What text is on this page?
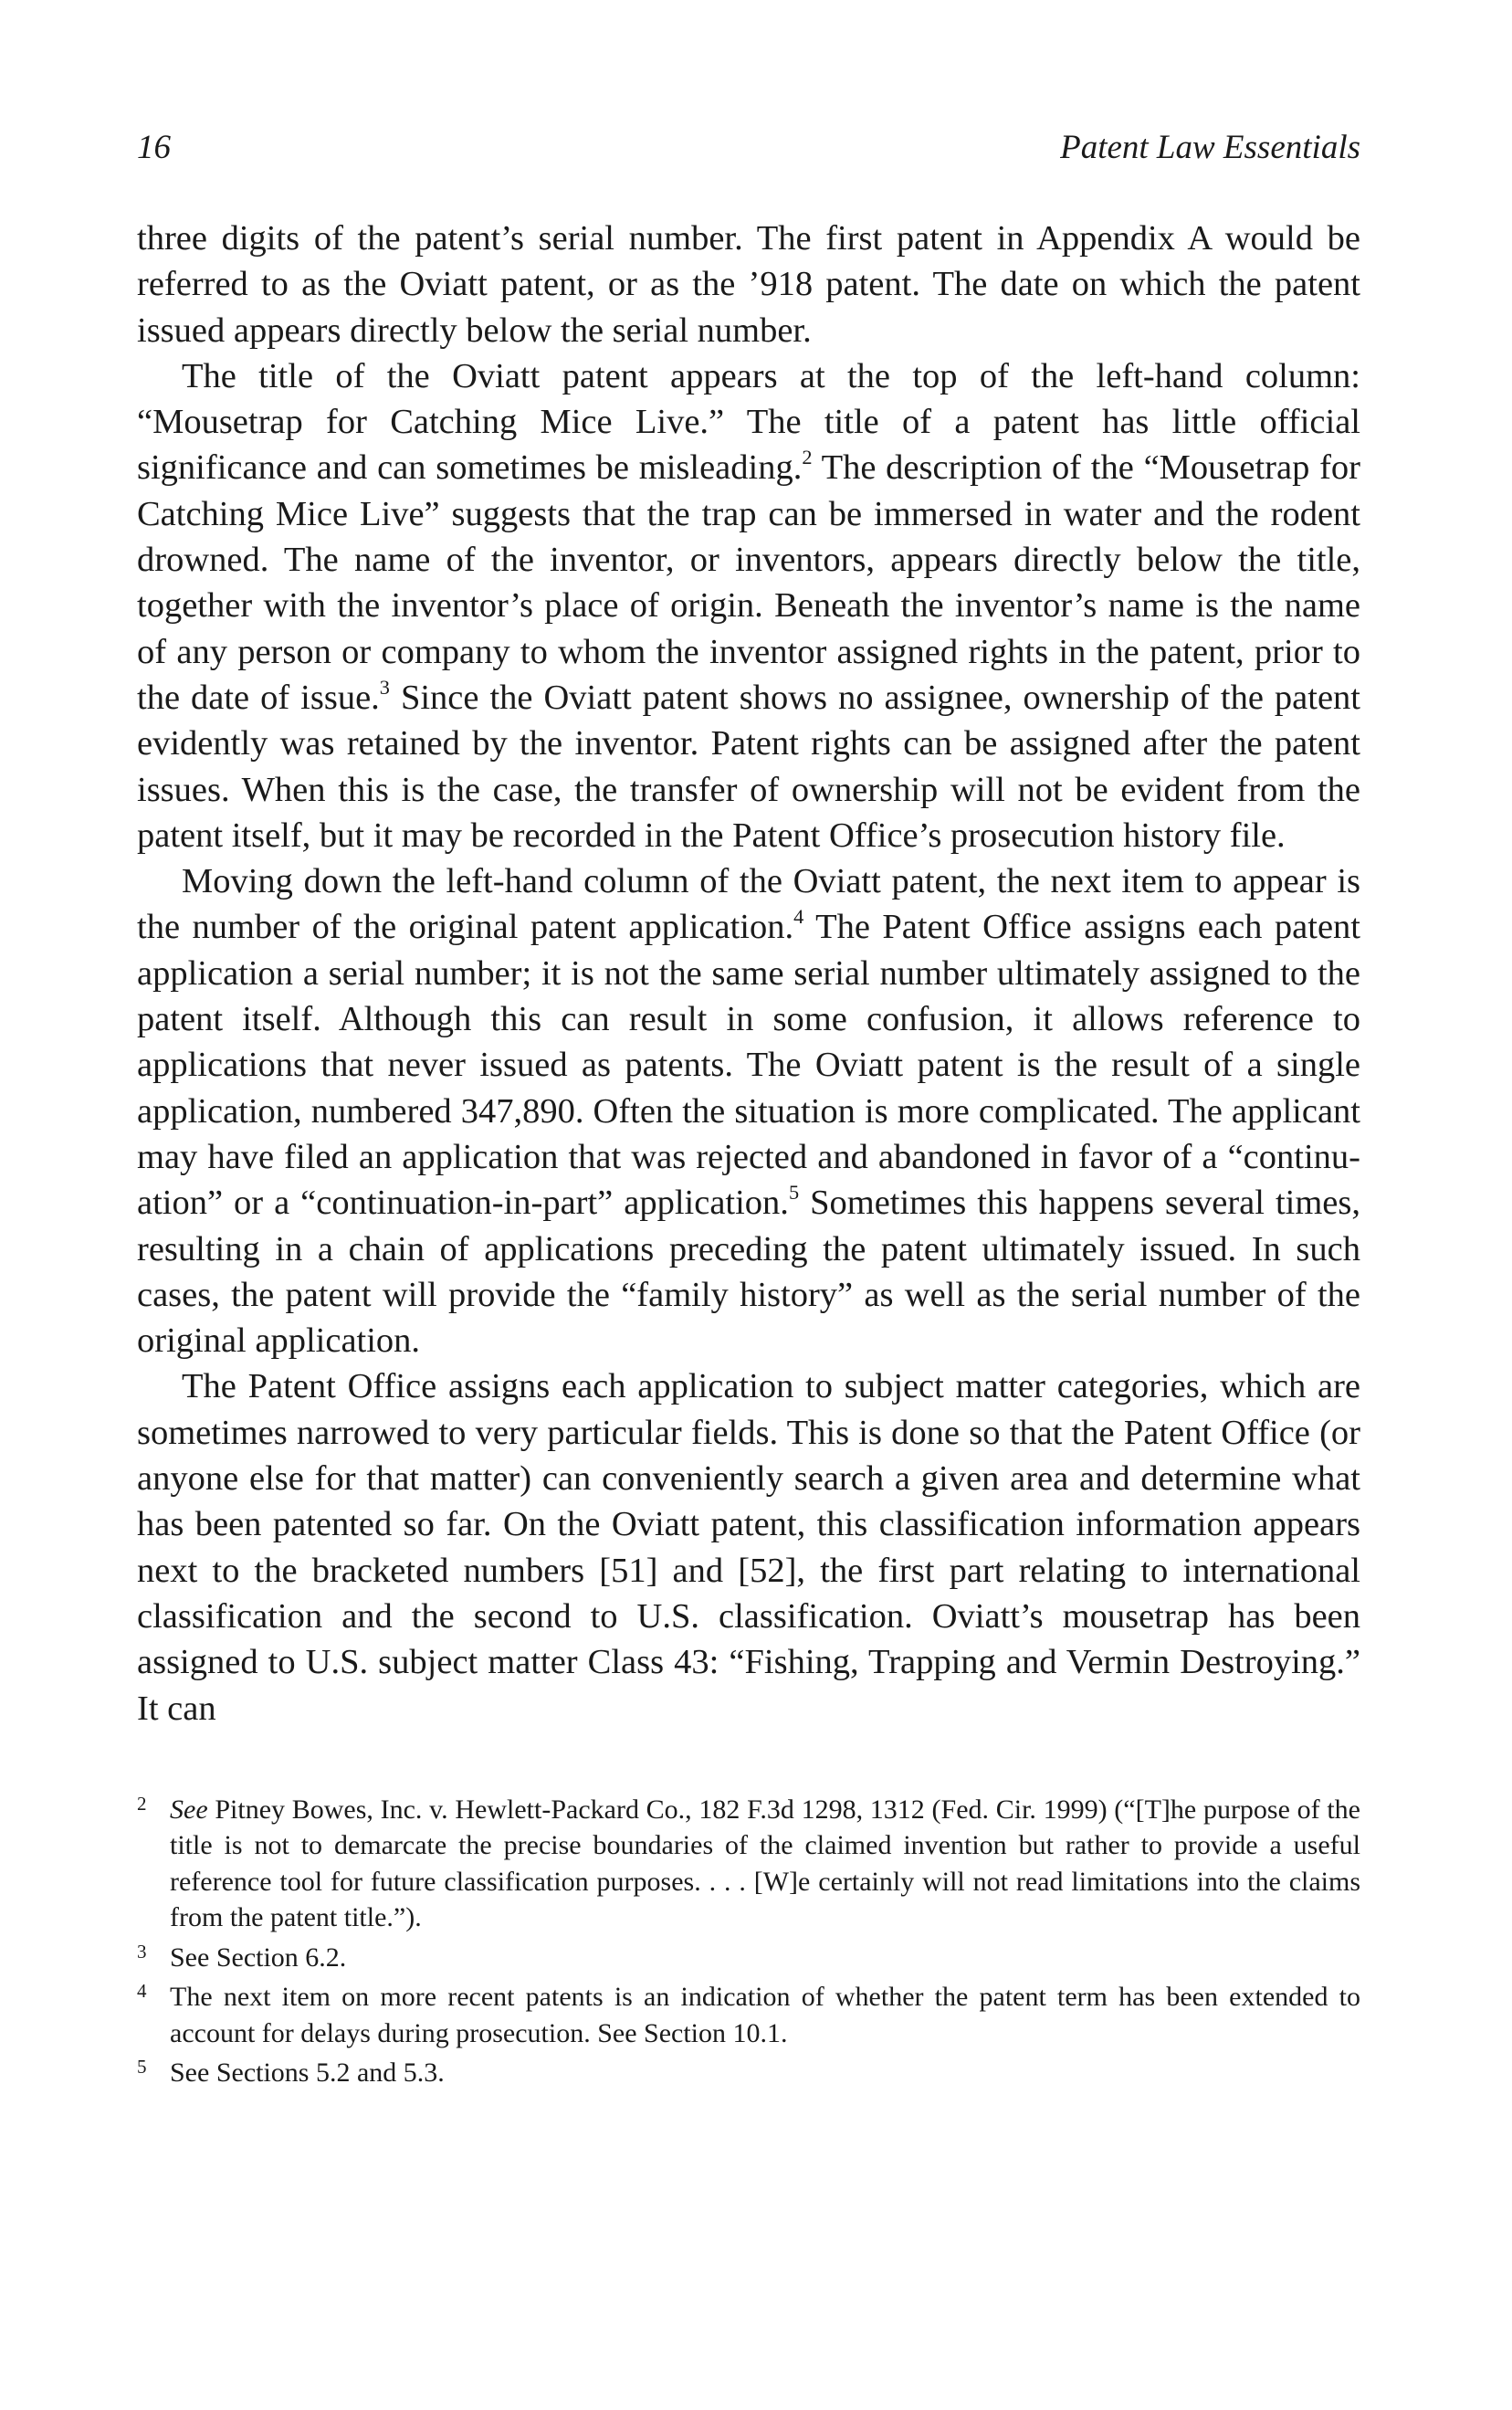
16	Patent Law Essentials

three digits of the patent’s serial number. The first patent in Appendix A would be referred to as the Oviatt patent, or as the ’918 patent. The date on which the patent issued appears directly below the serial number.

The title of the Oviatt patent appears at the top of the left-hand column: “Mousetrap for Catching Mice Live.” The title of a patent has little official significance and can sometimes be misleading.$^2$ The description of the “Mousetrap for Catching Mice Live” suggests that the trap can be immersed in water and the rodent drowned. The name of the inventor, or inventors, appears directly below the title, together with the inventor’s place of origin. Beneath the inventor’s name is the name of any person or company to whom the inventor assigned rights in the patent, prior to the date of issue.$^3$ Since the Oviatt patent shows no assignee, ownership of the patent evidently was retained by the inventor. Patent rights can be assigned after the patent issues. When this is the case, the transfer of ownership will not be evident from the patent itself, but it may be recorded in the Patent Office’s prosecution history file.

Moving down the left-hand column of the Oviatt patent, the next item to appear is the number of the original patent application.$^4$ The Patent Office assigns each patent application a serial number; it is not the same serial number ultimately assigned to the patent itself. Although this can result in some confusion, it allows reference to applications that never issued as patents. The Oviatt patent is the result of a single application, numbered 347,890. Often the situation is more complicated. The applicant may have filed an application that was rejected and abandoned in favor of a “continuation” or a “continuation-in-part” application.$^5$ Sometimes this happens several times, resulting in a chain of applications preceding the patent ultimately issued. In such cases, the patent will provide the “family history” as well as the serial number of the original application.

The Patent Office assigns each application to subject matter categories, which are sometimes narrowed to very particular fields. This is done so that the Patent Office (or anyone else for that matter) can conveniently search a given area and determine what has been patented so far. On the Oviatt patent, this classification information appears next to the bracketed numbers [51] and [52], the first part relating to international classification and the second to U.S. classification. Oviatt’s mousetrap has been assigned to U.S. subject matter Class 43: “Fishing, Trapping and Vermin Destroying.” It can

2 See Pitney Bowes, Inc. v. Hewlett-Packard Co., 182 F.3d 1298, 1312 (Fed. Cir. 1999) (“[T]he purpose of the title is not to demarcate the precise boundaries of the claimed invention but rather to provide a useful reference tool for future classification purposes. . . . [W]e certainly will not read limitations into the claims from the patent title.”).
3 See Section 6.2.
4 The next item on more recent patents is an indication of whether the patent term has been extended to account for delays during prosecution. See Section 10.1.
5 See Sections 5.2 and 5.3.
